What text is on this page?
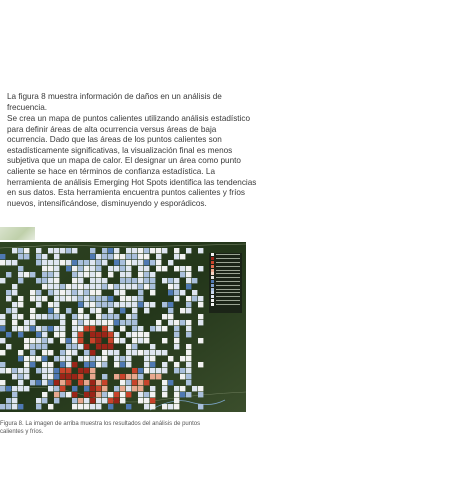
La figura 8 muestra información de daños en un análisis de frecuencia.

Se crea un mapa de puntos calientes utilizando análisis estadístico para definir áreas de alta ocurrencia versus áreas de baja ocurrencia. Dado que las áreas de los puntos calientes son estadísticamente significativas, la visualización final es menos subjetiva que un mapa de calor. El designar un área como punto caliente se hace en términos de confianza estadística. La herramienta de análisis Emerging Hot Spots identifica las tendencias en sus datos. Esta herramienta encuentra puntos calientes y fríos nuevos, intensificándose, disminuyendo y esporádicos.

Figura 8. La imagen de arriba muestra los resultados del análisis de puntos calientes y fríos.
